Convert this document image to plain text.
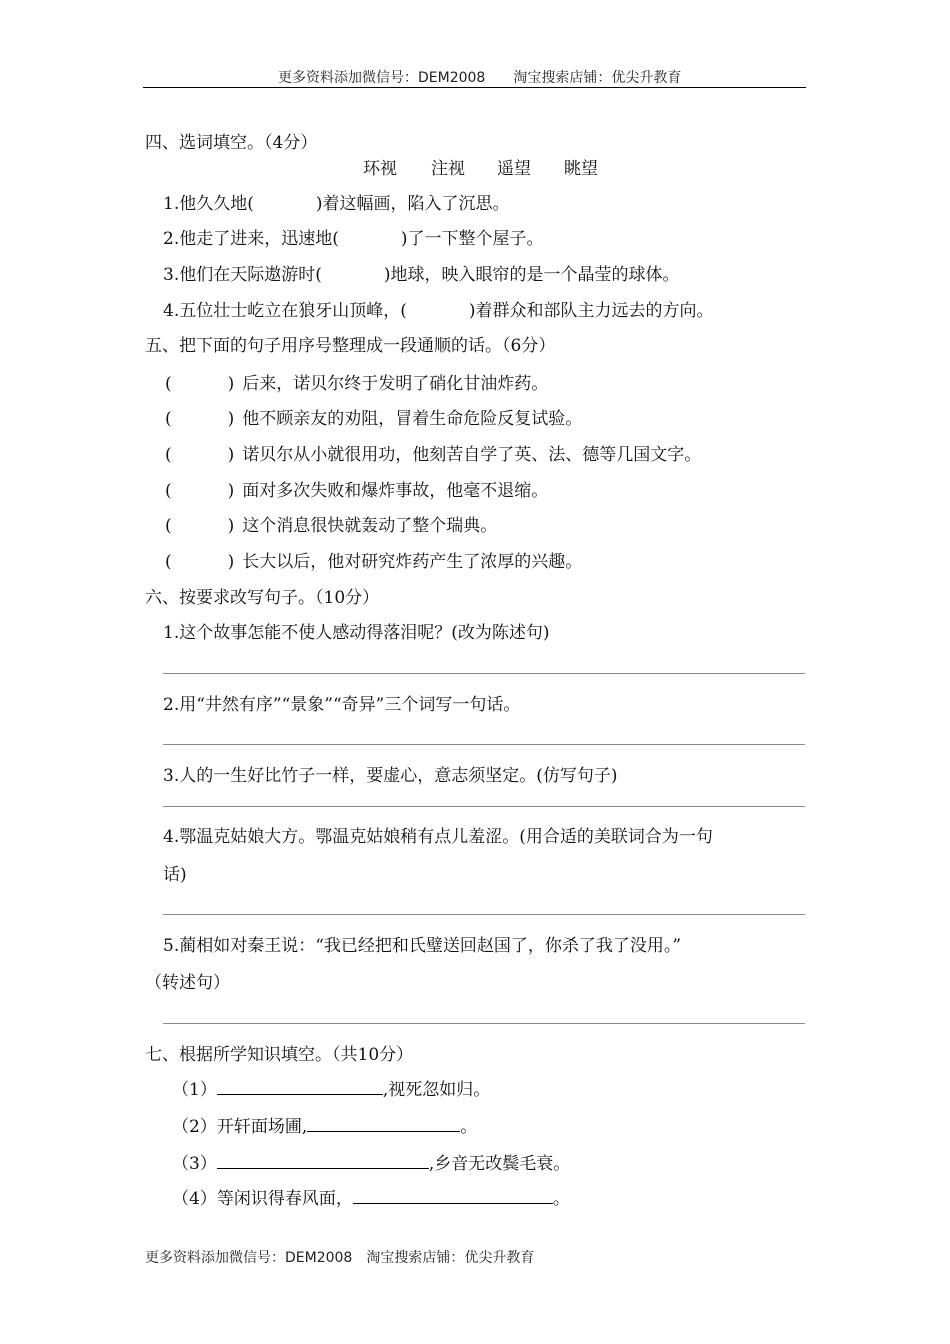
更多资料添加微信号：DEM2008　　淘宝搜索店铺：优尖升教育
四、选词填空。（4分）
环视 注视 遥望 眺望
1.他久久地(	)着这幅画，陷入了沉思。
2.他走了进来，迅速地(	)了一下整个屋子。
3.他们在天际遨游时(	)地球，映入眼帘的是一个晶莹的球体。
4.五位壮士屹立在狼牙山顶峰，(	)着群众和部队主力远去的方向。
五、把下面的句子用序号整理成一段通顺的话。（6分）
(	) 后来，诺贝尔终于发明了硝化甘油炸药。
(	) 他不顾亲友的劝阻，冒着生命危险反复试验。
(	) 诺贝尔从小就很用功，他刻苦自学了英、法、德等几国文字。
(	) 面对多次失败和爆炸事故，他毫不退缩。
(	) 这个消息很快就轰动了整个瑞典。
(	) 长大以后，他对研究炸药产生了浓厚的兴趣。
六、按要求改写句子。（10分）
1.这个故事怎能不使人感动得落泪呢？(改为陈述句)
2.用“井然有序”“景象”“奇异”三个词写一句话。
3.人的一生好比竹子一样，要虚心，意志须坚定。(仿写句子)
4.鄂温克姑娘大方。鄂温克姑娘稍有点儿羞涩。(用合适的美联词合为一句
话)
5.蔺相如对秦王说：“我已经把和氏璧送回赵国了，你杀了我了没用。”
（转述句）
七、根据所学知识填空。（共10分）
（1）	,视死忽如归。
（2）开轩面场圃,	。
（3）	,乡音无改鬓毛衰。
（4）等闲识得春风面，	。
更多资料添加微信号：DEM2008　淘宝搜索店铺：优尖升教育
